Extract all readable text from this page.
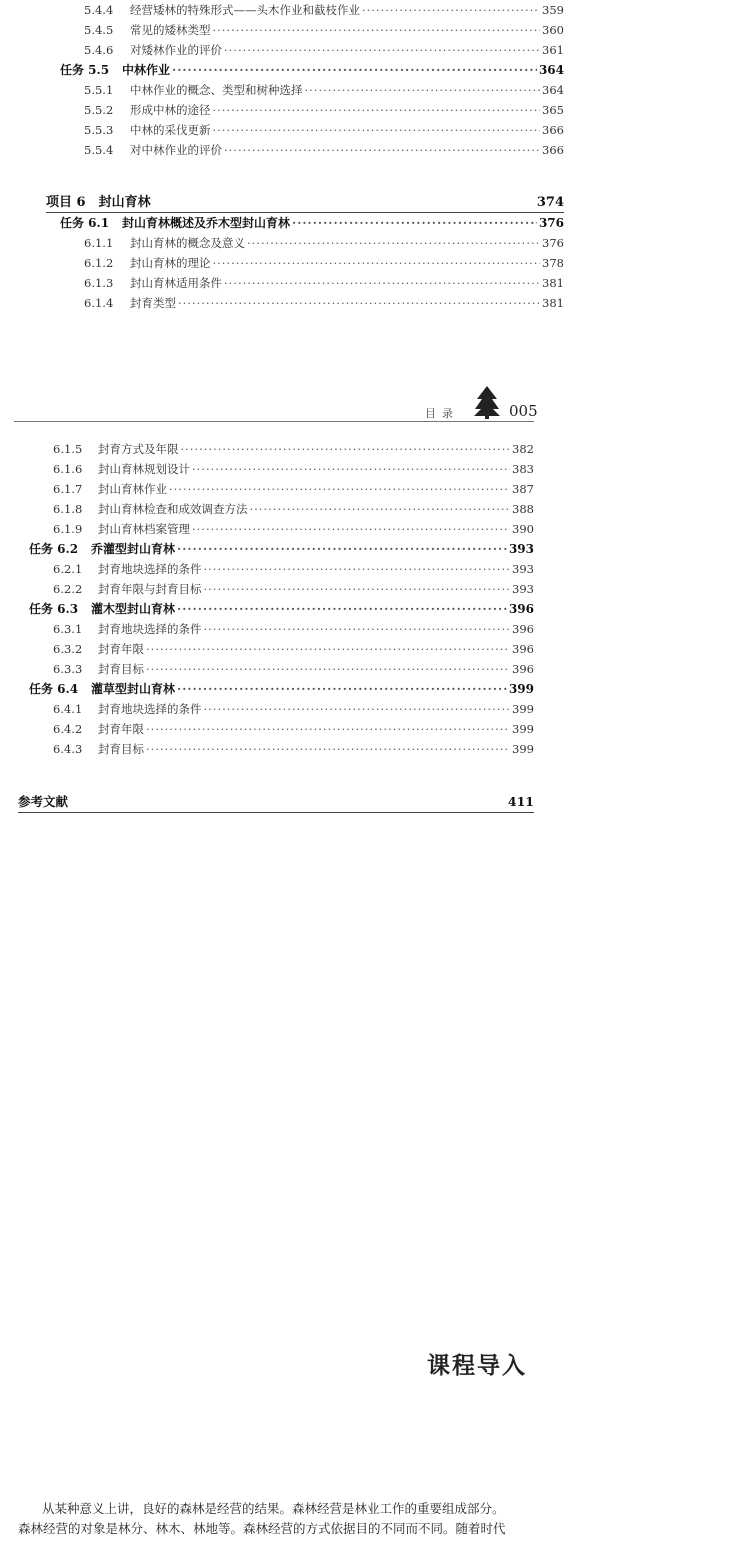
5.4.4	经营矮林的特殊形式——头木作业和截枝作业 ·····	359
5.4.5	常见的矮林类型 ·····	360
5.4.6	对矮林作业的评价 ·····	361
任务 5.5	中林作业 ·····	364
5.5.1	中林作业的概念、类型和树种选择 ·····	364
5.5.2	形成中林的途径 ·····	365
5.5.3	中林的采伐更新 ·····	366
5.5.4	对中林作业的评价 ·····	366
项目 6　封山育林	374
任务 6.1	封山育林概述及乔木型封山育林 ·····	376
6.1.1	封山育林的概念及意义 ·····	376
6.1.2	封山育林的理论 ·····	378
6.1.3	封山育林适用条件 ·····	381
6.1.4	封育类型 ·····	381
目录	005
6.1.5	封育方式及年限 ·····	382
6.1.6	封山育林规划设计 ·····	383
6.1.7	封山育林作业 ·····	387
6.1.8	封山育林检查和成效调查方法 ·····	388
6.1.9	封山育林档案管理 ·····	390
任务 6.2	乔灌型封山育林 ·····	393
6.2.1	封育地块选择的条件 ·····	393
6.2.2	封育年限与封育目标 ·····	393
任务 6.3	灌木型封山育林 ·····	396
6.3.1	封育地块选择的条件 ·····	396
6.3.2	封育年限 ·····	396
6.3.3	封育目标 ·····	396
任务 6.4	灌草型封山育林 ·····	399
6.4.1	封育地块选择的条件 ·····	399
6.4.2	封育年限 ·····	399
6.4.3	封育目标 ·····	399
参考文献	411
课程导入
从某种意义上讲，良好的森林是经营的结果。森林经营是林业工作的重要组成部分。
森林经营的对象是林分、林木、林地等。森林经营的方式依据目的不同而不同。随着时代
